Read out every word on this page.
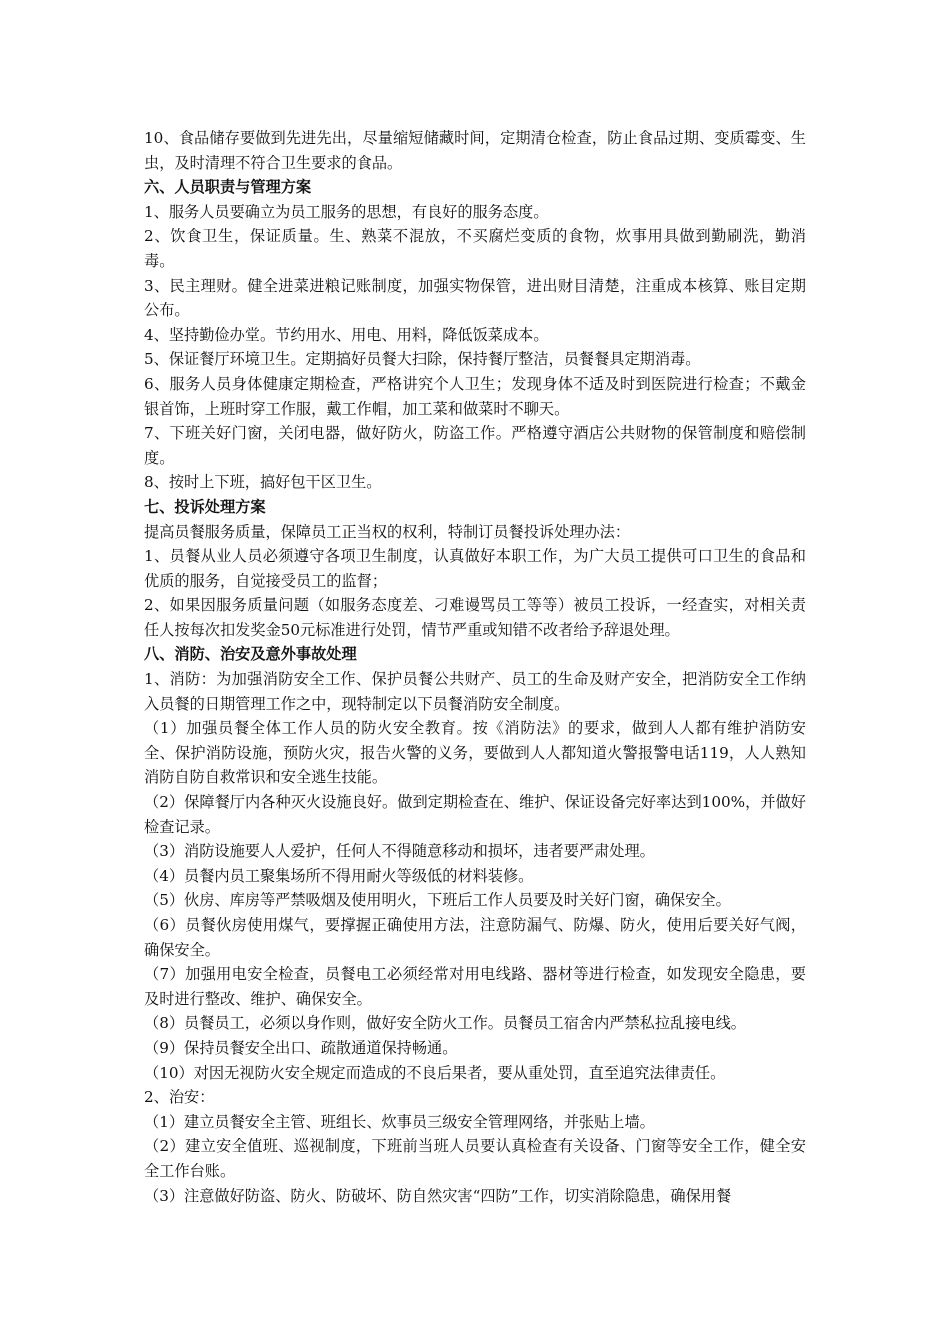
10、食品储存要做到先进先出，尽量缩短储藏时间，定期清仓检查，防止食品过期、变质霉变、生虫，及时清理不符合卫生要求的食品。

六、人员职责与管理方案

1、服务人员要确立为员工服务的思想，有良好的服务态度。

2、饮食卫生，保证质量。生、熟菜不混放，不买腐烂变质的食物，炊事用具做到勤刷洗，勤消毒。

3、民主理财。健全进菜进粮记账制度，加强实物保管，进出财目清楚，注重成本核算、账目定期公布。

4、坚持勤俭办堂。节约用水、用电、用料，降低饭菜成本。

5、保证餐厅环境卫生。定期搞好员餐大扫除，保持餐厅整洁，员餐餐具定期消毒。

6、服务人员身体健康定期检查，严格讲究个人卫生；发现身体不适及时到医院进行检查；不戴金银首饰，上班时穿工作服，戴工作帽，加工菜和做菜时不聊天。

7、下班关好门窗，关闭电器，做好防火，防盗工作。严格遵守酒店公共财物的保管制度和赔偿制度。

8、按时上下班，搞好包干区卫生。

七、投诉处理方案

提高员餐服务质量，保障员工正当权的权利，特制订员餐投诉处理办法：

1、员餐从业人员必须遵守各项卫生制度，认真做好本职工作，为广大员工提供可口卫生的食品和优质的服务，自觉接受员工的监督；

2、如果因服务质量问题（如服务态度差、刁难谩骂员工等等）被员工投诉，一经查实，对相关责任人按每次扣发奖金50元标准进行处罚，情节严重或知错不改者给予辞退处理。

八、消防、治安及意外事故处理

1、消防：为加强消防安全工作、保护员餐公共财产、员工的生命及财产安全，把消防安全工作纳入员餐的日期管理工作之中，现特制定以下员餐消防安全制度。

（1）加强员餐全体工作人员的防火安全教育。按《消防法》的要求，做到人人都有维护消防安全、保护消防设施，预防火灾，报告火警的义务，要做到人人都知道火警报警电话119，人人熟知消防自防自救常识和安全逃生技能。

（2）保障餐厅内各种灭火设施良好。做到定期检查在、维护、保证设备完好率达到100%，并做好检查记录。

（3）消防设施要人人爱护，任何人不得随意移动和损坏，违者要严肃处理。

（4）员餐内员工聚集场所不得用耐火等级低的材料装修。

（5）伙房、库房等严禁吸烟及使用明火，下班后工作人员要及时关好门窗，确保安全。

（6）员餐伙房使用煤气，要撑握正确使用方法，注意防漏气、防爆、防火，使用后要关好气阀，确保安全。

（7）加强用电安全检查，员餐电工必须经常对用电线路、器材等进行检查，如发现安全隐患，要及时进行整改、维护、确保安全。

（8）员餐员工，必须以身作则，做好安全防火工作。员餐员工宿舍内严禁私拉乱接电线。

（9）保持员餐安全出口、疏散通道保持畅通。

（10）对因无视防火安全规定而造成的不良后果者，要从重处罚，直至追究法律责任。

2、治安：

（1）建立员餐安全主管、班组长、炊事员三级安全管理网络，并张贴上墙。

（2）建立安全值班、巡视制度，下班前当班人员要认真检查有关设备、门窗等安全工作，健全安全工作台账。

（3）注意做好防盗、防火、防破坏、防自然灾害“四防”工作，切实消除隐患，确保用餐
